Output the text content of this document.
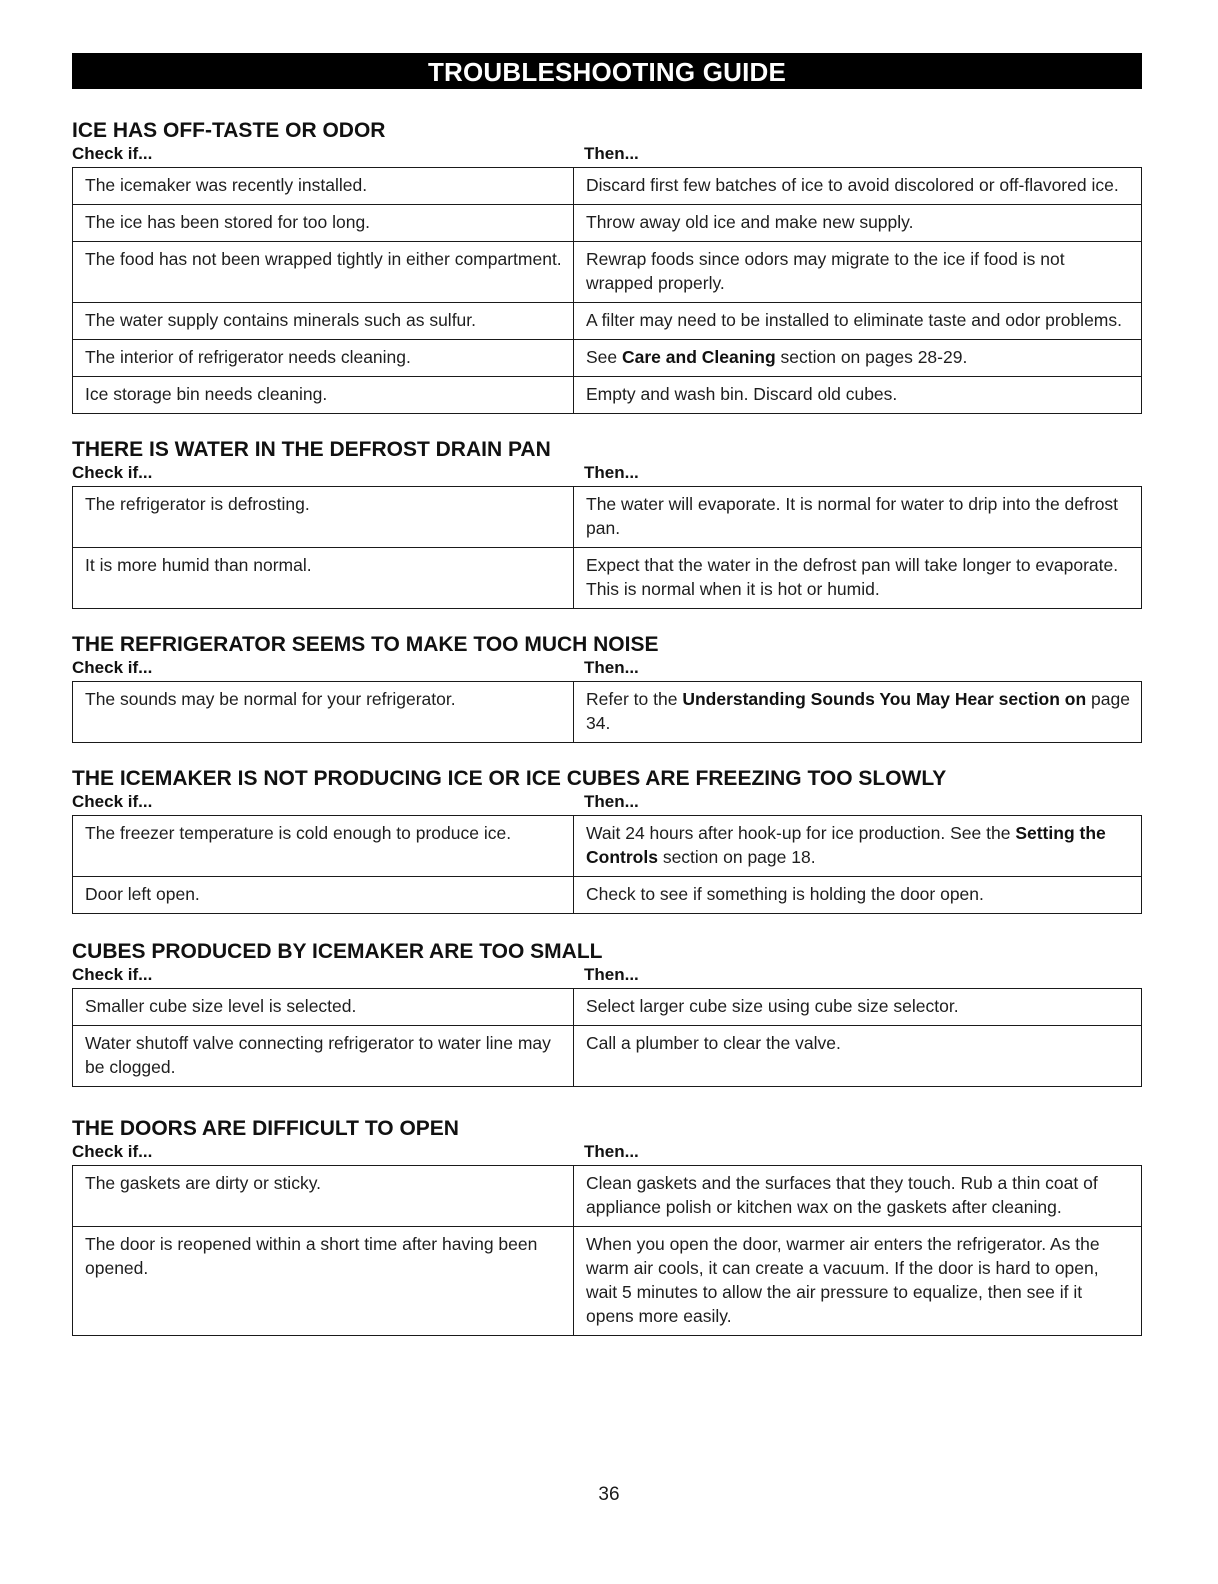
TROUBLESHOOTING GUIDE
ICE HAS OFF-TASTE OR ODOR
Check if...	Then...
The icemaker was recently installed.	Discard first few batches of ice to avoid discolored or off-flavored ice.
The ice has been stored for too long.	Throw away old ice and make new supply.
The food has not been wrapped tightly in either compartment.	Rewrap foods since odors may migrate to the ice if food is not wrapped properly.
The water supply contains minerals such as sulfur.	A filter may need to be installed to eliminate taste and odor problems.
The interior of refrigerator needs cleaning.	See Care and Cleaning section on pages 28-29.
Ice storage bin needs cleaning.	Empty and wash bin. Discard old cubes.
THERE IS WATER IN THE DEFROST DRAIN PAN
Check if...	Then...
The refrigerator is defrosting.	The water will evaporate. It is normal for water to drip into the defrost pan.
It is more humid than normal.	Expect that the water in the defrost pan will take longer to evaporate. This is normal when it is hot or humid.
THE REFRIGERATOR SEEMS TO MAKE TOO MUCH NOISE
Check if...	Then...
The sounds may be normal for your refrigerator.	Refer to the Understanding Sounds You May Hear section on page 34.
THE ICEMAKER IS NOT PRODUCING ICE OR ICE CUBES ARE FREEZING TOO SLOWLY
Check if...	Then...
The freezer temperature is cold enough to produce ice.	Wait 24 hours after hook-up for ice production. See the Setting the Controls section on page 18.
Door left open.	Check to see if something is holding the door open.
CUBES PRODUCED BY ICEMAKER ARE TOO SMALL
Check if...	Then...
Smaller cube size level is selected.	Select larger cube size using cube size selector.
Water shutoff valve connecting refrigerator to water line may be clogged.	Call a plumber to clear the valve.
THE DOORS ARE DIFFICULT TO OPEN
Check if...	Then...
The gaskets are dirty or sticky.	Clean gaskets and the surfaces that they touch. Rub a thin coat of appliance polish or kitchen wax on the gaskets after cleaning.
The door is reopened within a short time after having been opened.	When you open the door, warmer air enters the refrigerator. As the warm air cools, it can create a vacuum. If the door is hard to open, wait 5 minutes to allow the air pressure to equalize, then see if it opens more easily.
36
